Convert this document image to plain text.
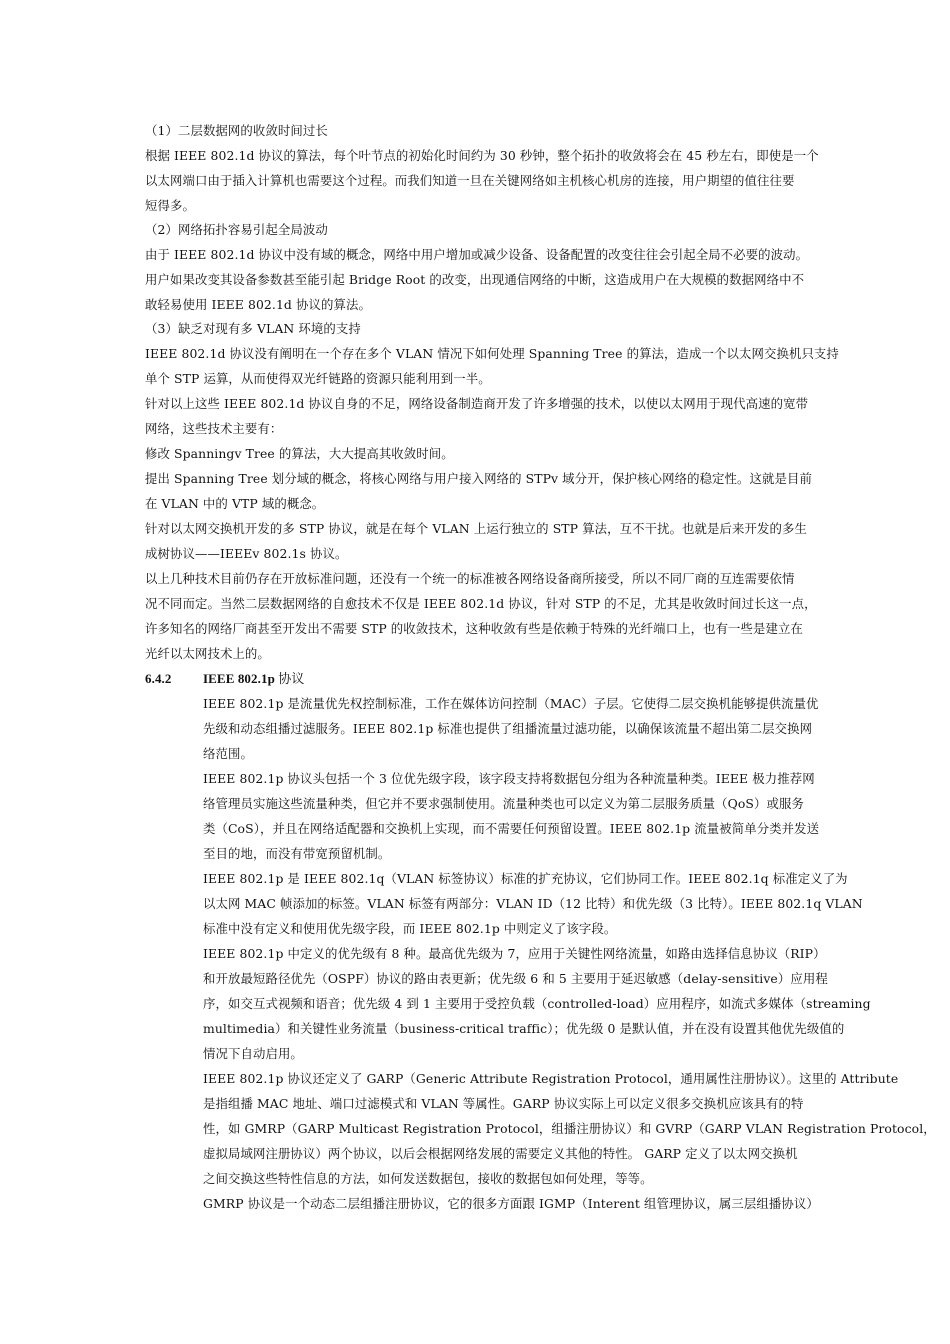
6.4.2 IEEE 802.1p 协议
（1）二层数据网的收敛时间过长
根据 IEEE 802.1d 协议的算法，每个叶节点的初始化时间约为 30 秒钟，整个拓扑的收敛将会在 45 秒左右，即使是一个
以太网端口由于插入计算机也需要这个过程。而我们知道一旦在关键网络如主机核心机房的连接，用户期望的值往往要
短得多。
（2）网络拓扑容易引起全局波动
由于 IEEE 802.1d 协议中没有域的概念，网络中用户增加或减少设备、设备配置的改变往往会引起全局不必要的波动。
用户如果改变其设备参数甚至能引起 Bridge Root 的改变，出现通信网络的中断，这造成用户在大规模的数据网络中不
敢轻易使用 IEEE 802.1d 协议的算法。
（3）缺乏对现有多 VLAN 环境的支持
IEEE 802.1d 协议没有阐明在一个存在多个 VLAN 情况下如何处理 Spanning Tree 的算法，造成一个以太网交换机只支持
单个 STP 运算，从而使得双光纤链路的资源只能利用到一半。
针对以上这些 IEEE 802.1d 协议自身的不足，网络设备制造商开发了许多增强的技术，以使以太网用于现代高速的宽带
网络，这些技术主要有：
修改 Spanningv Tree 的算法，大大提高其收敛时间。
提出 Spanning Tree 划分域的概念，将核心网络与用户接入网络的 STPv 域分开，保护核心网络的稳定性。这就是目前
在 VLAN 中的 VTP 域的概念。
针对以太网交换机开发的多 STP 协议，就是在每个 VLAN 上运行独立的 STP 算法，互不干扰。也就是后来开发的多生
成树协议——IEEEv 802.1s 协议。
以上几种技术目前仍存在开放标准问题，还没有一个统一的标准被各网络设备商所接受，所以不同厂商的互连需要依情
况不同而定。当然二层数据网络的自愈技术不仅是 IEEE 802.1d 协议，针对 STP 的不足，尤其是收敛时间过长这一点，
许多知名的网络厂商甚至开发出不需要 STP 的收敛技术，这种收敛有些是依赖于特殊的光纤端口上，也有一些是建立在
光纤以太网技术上的。
IEEE 802.1p 是流量优先权控制标准，工作在媒体访问控制（MAC）子层。它使得二层交换机能够提供流量优
先级和动态组播过滤服务。IEEE 802.1p 标准也提供了组播流量过滤功能，以确保该流量不超出第二层交换网
络范围。
IEEE 802.1p 协议头包括一个 3 位优先级字段，该字段支持将数据包分组为各种流量种类。IEEE 极力推荐网
络管理员实施这些流量种类，但它并不要求强制使用。流量种类也可以定义为第二层服务质量（QoS）或服务
类（CoS），并且在网络适配器和交换机上实现，而不需要任何预留设置。IEEE 802.1p 流量被简单分类并发送
至目的地，而没有带宽预留机制。
IEEE 802.1p 是 IEEE 802.1q（VLAN 标签协议）标准的扩充协议，它们协同工作。IEEE 802.1q 标准定义了为
以太网 MAC 帧添加的标签。VLAN 标签有两部分：VLAN ID（12 比特）和优先级（3 比特）。IEEE 802.1q VLAN
标准中没有定义和使用优先级字段，而 IEEE 802.1p 中则定义了该字段。
IEEE 802.1p 中定义的优先级有 8 种。最高优先级为 7，应用于关键性网络流量，如路由选择信息协议（RIP）
和开放最短路径优先（OSPF）协议的路由表更新；优先级 6 和 5 主要用于延迟敏感（delay-sensitive）应用程
序，如交互式视频和语音；优先级 4 到 1 主要用于受控负载（controlled-load）应用程序，如流式多媒体（streaming
multimedia）和关键性业务流量（business-critical traffic）；优先级 0 是默认值，并在没有设置其他优先级值的
情况下自动启用。
IEEE 802.1p 协议还定义了 GARP（Generic Attribute Registration Protocol，通用属性注册协议）。这里的 Attribute
是指组播 MAC 地址、端口过滤模式和 VLAN 等属性。GARP 协议实际上可以定义很多交换机应该具有的特
性，如 GMRP（GARP Multicast Registration Protocol，组播注册协议）和 GVRP（GARP VLAN Registration Protocol，
虚拟局域网注册协议）两个协议，以后会根据网络发展的需要定义其他的特性。 GARP 定义了以太网交换机
之间交换这些特性信息的方法，如何发送数据包，接收的数据包如何处理，等等。
GMRP 协议是一个动态二层组播注册协议，它的很多方面跟 IGMP（Interent 组管理协议，属三层组播协议）
